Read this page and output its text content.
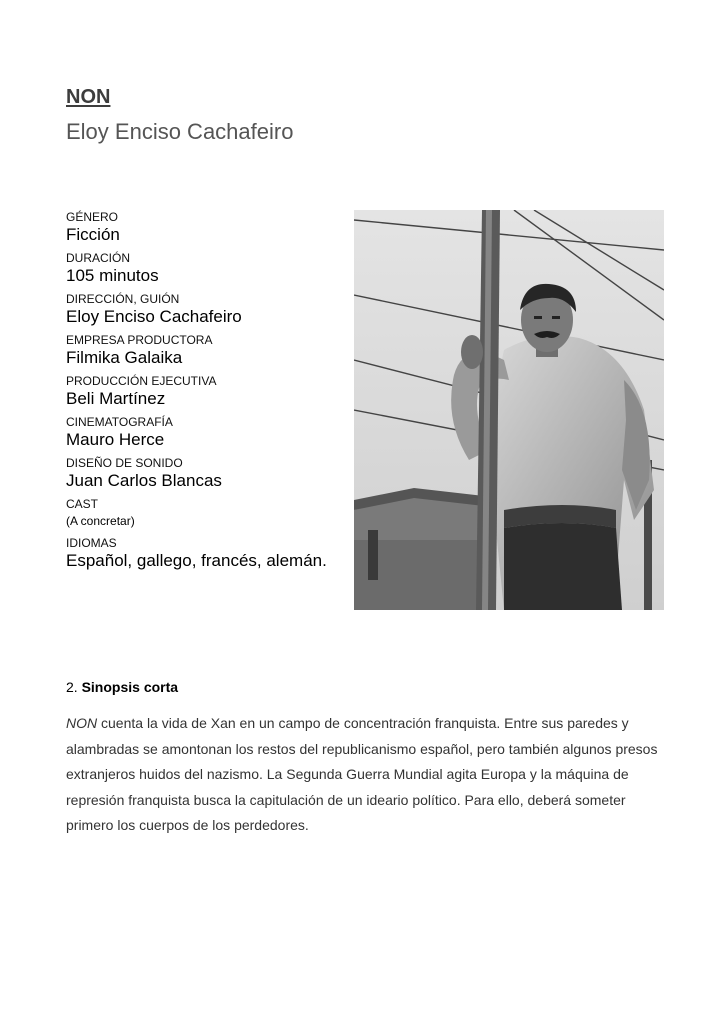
NON
Eloy Enciso Cachafeiro
GÉNERO
Ficción
DURACIÓN
105 minutos
DIRECCIÓN, GUIÓN
Eloy Enciso Cachafeiro
EMPRESA PRODUCTORA
Filmika Galaika
PRODUCCIÓN EJECUTIVA
Beli Martínez
CINEMATOGRAFÍA
Mauro Herce
DISEÑO DE SONIDO
Juan Carlos Blancas
CAST
(A concretar)
IDIOMAS
Español, gallego, francés, alemán.

2. Sinopsis corta

NON cuenta la vida de Xan en un campo de concentración franquista. Entre sus paredes y alambradas se amontonan los restos del republicanismo español, pero también algunos presos extranjeros huidos del nazismo. La Segunda Guerra Mundial agita Europa y la máquina de represión franquista busca la capitulación de un ideario político. Para ello, deberá someter primero los cuerpos de los perdedores.
